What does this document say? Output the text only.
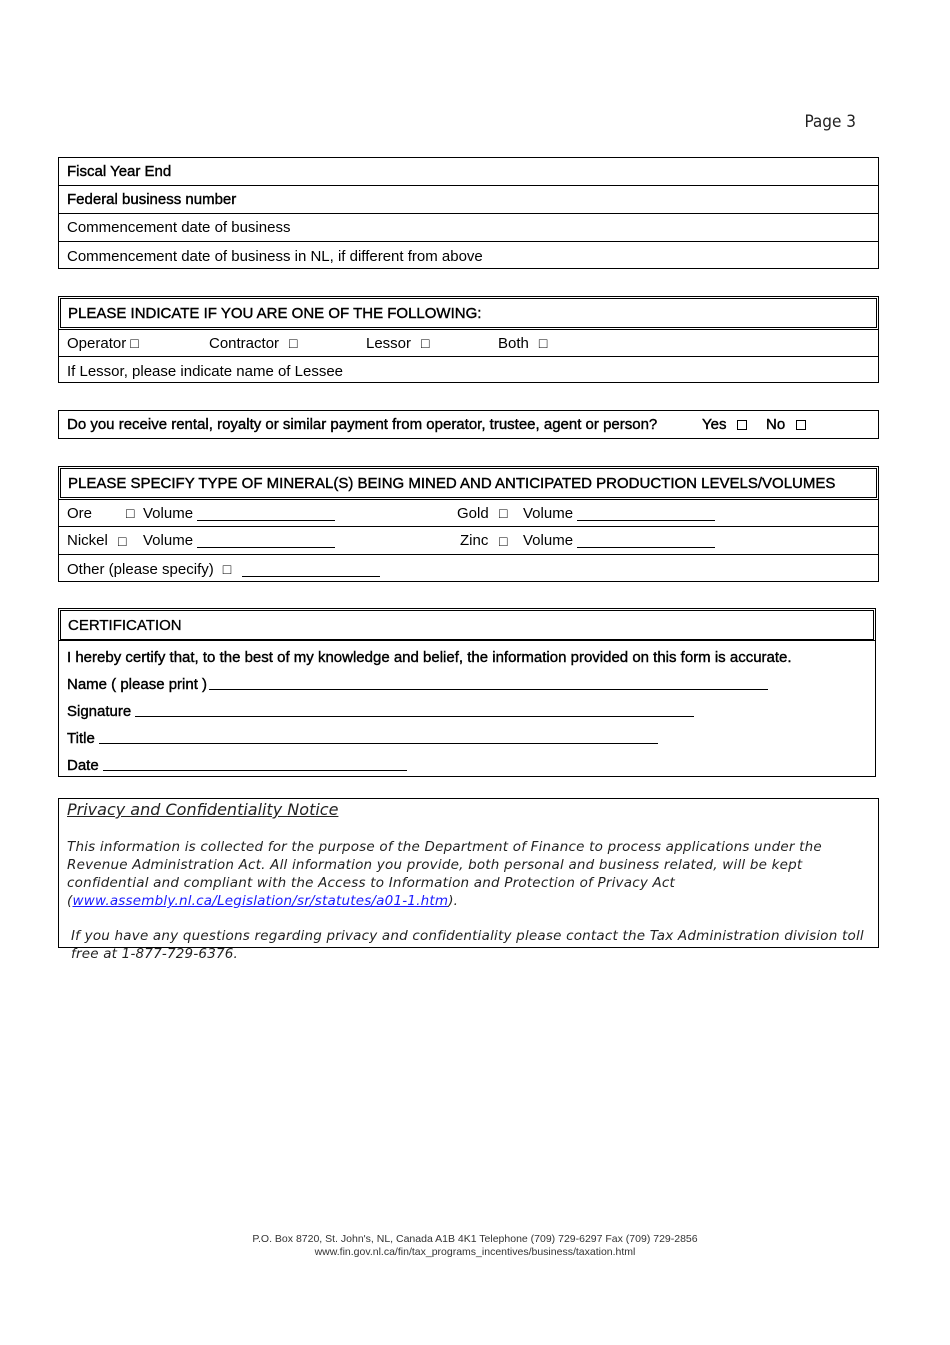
Page 3
Fiscal Year End
Federal business number
Commencement date of business
Commencement date of business in NL, if different from above
PLEASE INDICATE IF YOU ARE ONE OF THE FOLLOWING:
Operator □	Contractor □	Lessor □	Both □
If Lessor, please indicate name of Lessee
Do you receive rental, royalty or similar payment from operator, trustee, agent or person?	Yes	No
PLEASE SPECIFY TYPE OF MINERAL(S) BEING MINED AND ANTICIPATED PRODUCTION LEVELS/VOLUMES
Ore □ Volume	Gold □ Volume
Nickel □ Volume	Zinc □ Volume
Other (please specify) □
CERTIFICATION
I hereby certify that, to the best of my knowledge and belief, the information provided on this form is accurate.
Name ( please print )
Signature
Title
Date
Privacy and Confidentiality Notice

This information is collected for the purpose of the Department of Finance to process applications under the Revenue Administration Act. All information you provide, both personal and business related, will be kept confidential and compliant with the Access to Information and Protection of Privacy Act (www.assembly.nl.ca/Legislation/sr/statutes/a01-1.htm).

If you have any questions regarding privacy and confidentiality please contact the Tax Administration division toll free at 1-877-729-6376.

P.O. Box 8720, St. John's, NL, Canada A1B 4K1 Telephone (709) 729-6297 Fax (709) 729-2856
www.fin.gov.nl.ca/fin/tax_programs_incentives/business/taxation.html
